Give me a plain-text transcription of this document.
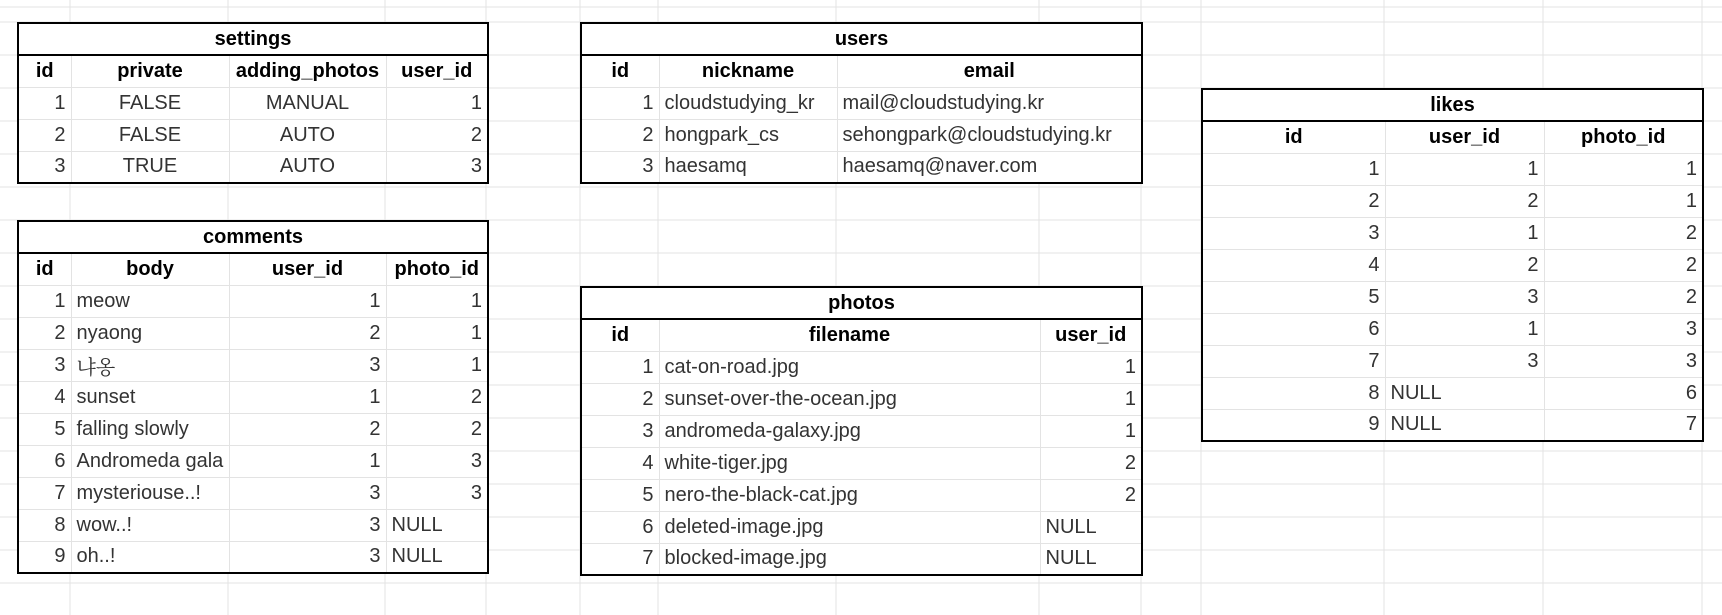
settings			
id	private	adding_photos	user_id
1	FALSE	MANUAL	1
2	FALSE	AUTO	2
3	TRUE	AUTO	3
users		
id	nickname	email
1	cloudstudying_kr	mail@cloudstudying.kr
2	hongpark_cs	sehongpark@cloudstudying.kr
3	haesamq	haesamq@naver.com
likes		
id	user_id	photo_id
1	1	1
2	2	1
3	1	2
4	2	2
5	3	2
6	1	3
7	3	3
8	NULL	6
9	NULL	7
comments			
id	body	user_id	photo_id
1	meow	1	1
2	nyaong	2	1
3	냐옹	3	1
4	sunset	1	2
5	falling slowly	2	2
6	Andromeda gala	1	3
7	mysteriouse..!	3	3
8	wow..!	3	NULL
9	oh..!	3	NULL
photos		
id	filename	user_id
1	cat-on-road.jpg	1
2	sunset-over-the-ocean.jpg	1
3	andromeda-galaxy.jpg	1
4	white-tiger.jpg	2
5	nero-the-black-cat.jpg	2
6	deleted-image.jpg	NULL
7	blocked-image.jpg	NULL
